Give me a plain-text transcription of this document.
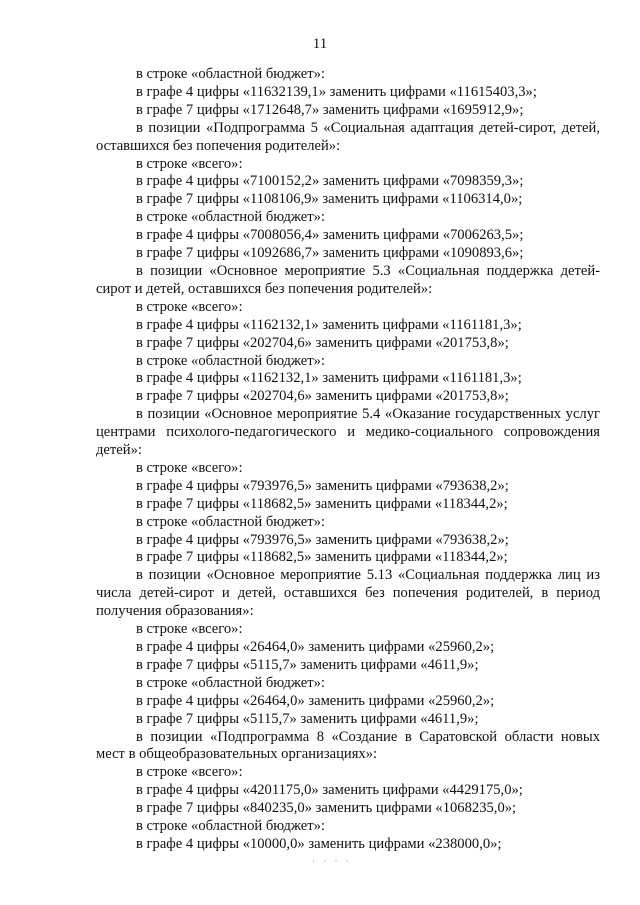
11
в строке «областной бюджет»:
в графе 4 цифры «11632139,1» заменить цифрами «11615403,3»;
в графе 7 цифры «1712648,7» заменить цифрами «1695912,9»;
в позиции «Подпрограмма 5 «Социальная адаптация детей-сирот, детей, оставшихся без попечения родителей»:
в строке «всего»:
в графе 4 цифры «7100152,2» заменить цифрами «7098359,3»;
в графе 7 цифры «1108106,9» заменить цифрами «1106314,0»;
в строке «областной бюджет»:
в графе 4 цифры «7008056,4» заменить цифрами «7006263,5»;
в графе 7 цифры «1092686,7» заменить цифрами «1090893,6»;
в позиции «Основное мероприятие 5.3 «Социальная поддержка детей-сирот и детей, оставшихся без попечения родителей»:
в строке «всего»:
в графе 4 цифры «1162132,1» заменить цифрами «1161181,3»;
в графе 7 цифры «202704,6» заменить цифрами «201753,8»;
в строке «областной бюджет»:
в графе 4 цифры «1162132,1» заменить цифрами «1161181,3»;
в графе 7 цифры «202704,6» заменить цифрами «201753,8»;
в позиции «Основное мероприятие 5.4 «Оказание государственных услуг центрами психолого-педагогического и медико-социального сопровождения детей»:
в строке «всего»:
в графе 4 цифры «793976,5» заменить цифрами «793638,2»;
в графе 7 цифры «118682,5» заменить цифрами «118344,2»;
в строке «областной бюджет»:
в графе 4 цифры «793976,5» заменить цифрами «793638,2»;
в графе 7 цифры «118682,5» заменить цифрами «118344,2»;
в позиции «Основное мероприятие 5.13 «Социальная поддержка лиц из числа детей-сирот и детей, оставшихся без попечения родителей, в период получения образования»:
в строке «всего»:
в графе 4 цифры «26464,0» заменить цифрами «25960,2»;
в графе 7 цифры «5115,7» заменить цифрами «4611,9»;
в строке «областной бюджет»:
в графе 4 цифры «26464,0» заменить цифрами «25960,2»;
в графе 7 цифры «5115,7» заменить цифрами «4611,9»;
в позиции «Подпрограмма 8 «Создание в Саратовской области новых мест в общеобразовательных организациях»:
в строке «всего»:
в графе 4 цифры «4201175,0» заменить цифрами «4429175,0»;
в графе 7 цифры «840235,0» заменить цифрами «1068235,0»;
в строке «областной бюджет»:
в графе 4 цифры «10000,0» заменить цифрами «238000,0»;
· · · ·
